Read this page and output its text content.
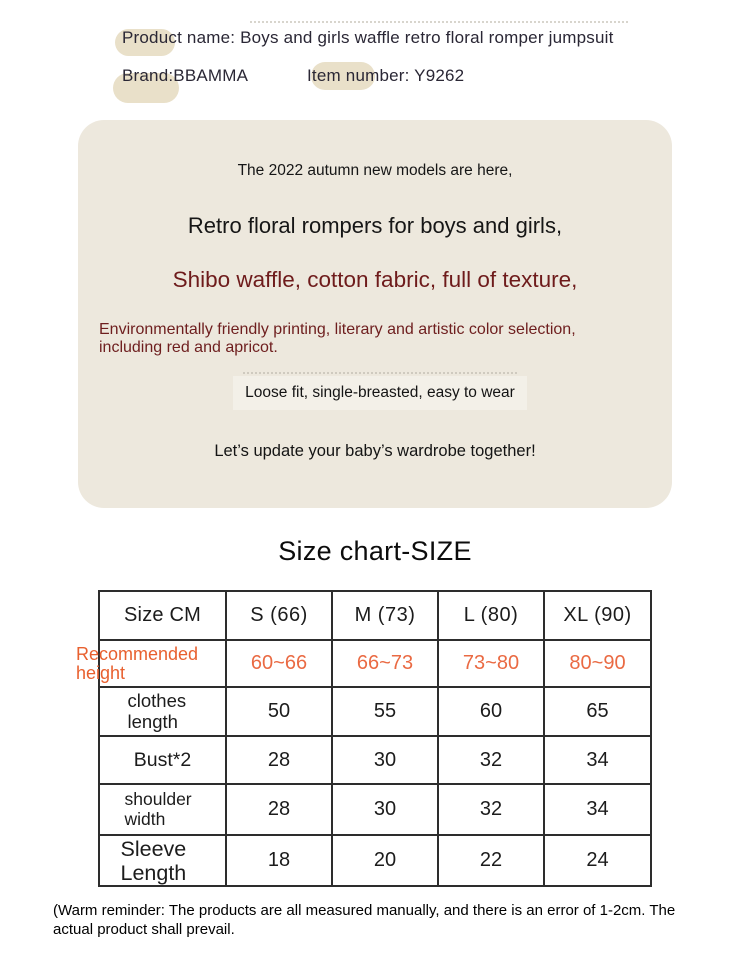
Product name: Boys and girls waffle retro floral romper jumpsuit
Brand:BBAMMA	Item number: Y9262
The 2022 autumn new models are here,
Retro floral rompers for boys and girls,
Shibo waffle, cotton fabric, full of texture,
Environmentally friendly printing, literary and artistic color selection,
including red and apricot.
Loose fit, single-breasted, easy to wear
Let’s update your baby’s wardrobe together!
Size chart-SIZE
Size CM	S (66)	M (73)	L (80)	XL (90)

Recommended height	60~66	66~73	73~80	80~90
clothes length	50	55	60	65
Bust*2	28	30	32	34
shoulder width	28	30	32	34
Sleeve Length	18	20	22	24
(Warm reminder: The products are all measured manually, and there is an error of 1-2cm. The
actual product shall prevail.
